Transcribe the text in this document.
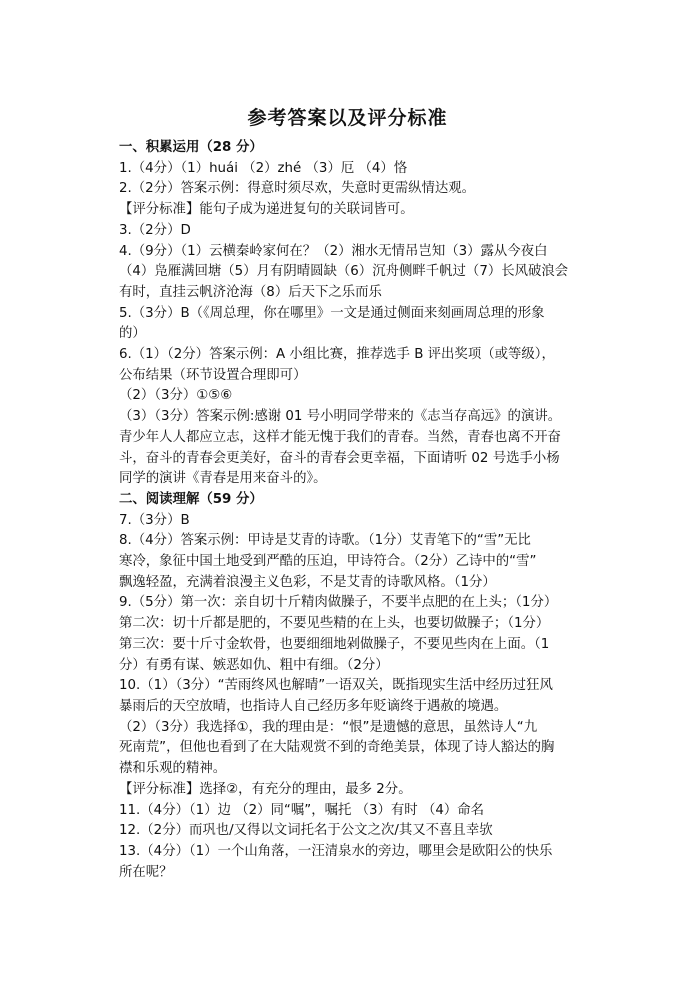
参考答案以及评分标准
一、积累运用（28 分）
1.（4分）（1）huái （2）zhé （3）厄 （4）恪
2.（2分）答案示例：得意时须尽欢，失意时更需纵情达观。
【评分标准】能句子成为递进复句的关联词皆可。
3.（2分）D
4.（9分）（1）云横秦岭家何在？（2）湘水无情吊岂知（3）露从今夜白
（4）凫雁满回塘（5）月有阴晴圆缺（6）沉舟侧畔千帆过（7）长风破浪会
有时，直挂云帆济沧海（8）后天下之乐而乐
5.（3分）B（《周总理，你在哪里》一文是通过侧面来刻画周总理的形象
的）
6.（1）（2分）答案示例：A 小组比赛，推荐选手 B 评出奖项（或等级），
公布结果（环节设置合理即可）
（2）（3分）①⑤⑥
（3）（3分）答案示例:感谢 01 号小明同学带来的《志当存高远》的演讲。
青少年人人都应立志，这样才能无愧于我们的青春。当然，青春也离不开奋
斗，奋斗的青春会更美好，奋斗的青春会更幸福，下面请听 02 号选手小杨
同学的演讲《青春是用来奋斗的》。
二、阅读理解（59 分）
7.（3分）B
8.（4分）答案示例：甲诗是艾青的诗歌。（1分）艾青笔下的“雪”无比
寒冷，象征中国土地受到严酷的压迫，甲诗符合。（2分）乙诗中的“雪”
飘逸轻盈，充满着浪漫主义色彩，不是艾青的诗歌风格。（1分）
9.（5分）第一次：亲自切十斤精肉做臊子，不要半点肥的在上头；（1分）
第二次：切十斤都是肥的，不要见些精的在上头，也要切做臊子；（1分）
第三次：要十斤寸金软骨，也要细细地剁做臊子，不要见些肉在上面。（1
分）有勇有谋、嫉恶如仇、粗中有细。（2分）
10.（1）（3分）“苦雨终风也解晴”一语双关，既指现实生活中经历过狂风
暴雨后的天空放晴，也指诗人自己经历多年贬谪终于遇赦的境遇。
（2）（3分）我选择①，我的理由是：“恨”是遗憾的意思，虽然诗人“九
死南荒”，但他也看到了在大陆观赏不到的奇绝美景，体现了诗人豁达的胸
襟和乐观的精神。
【评分标准】选择②，有充分的理由，最多 2分。
11.（4分）（1）边 （2）同“嘱”，嘱托 （3）有时 （4）命名
12.（2分）而巩也/又得以文词托名于公文之次/其又不喜且幸欤
13.（4分）（1）一个山角落，一汪清泉水的旁边，哪里会是欧阳公的快乐
所在呢？
